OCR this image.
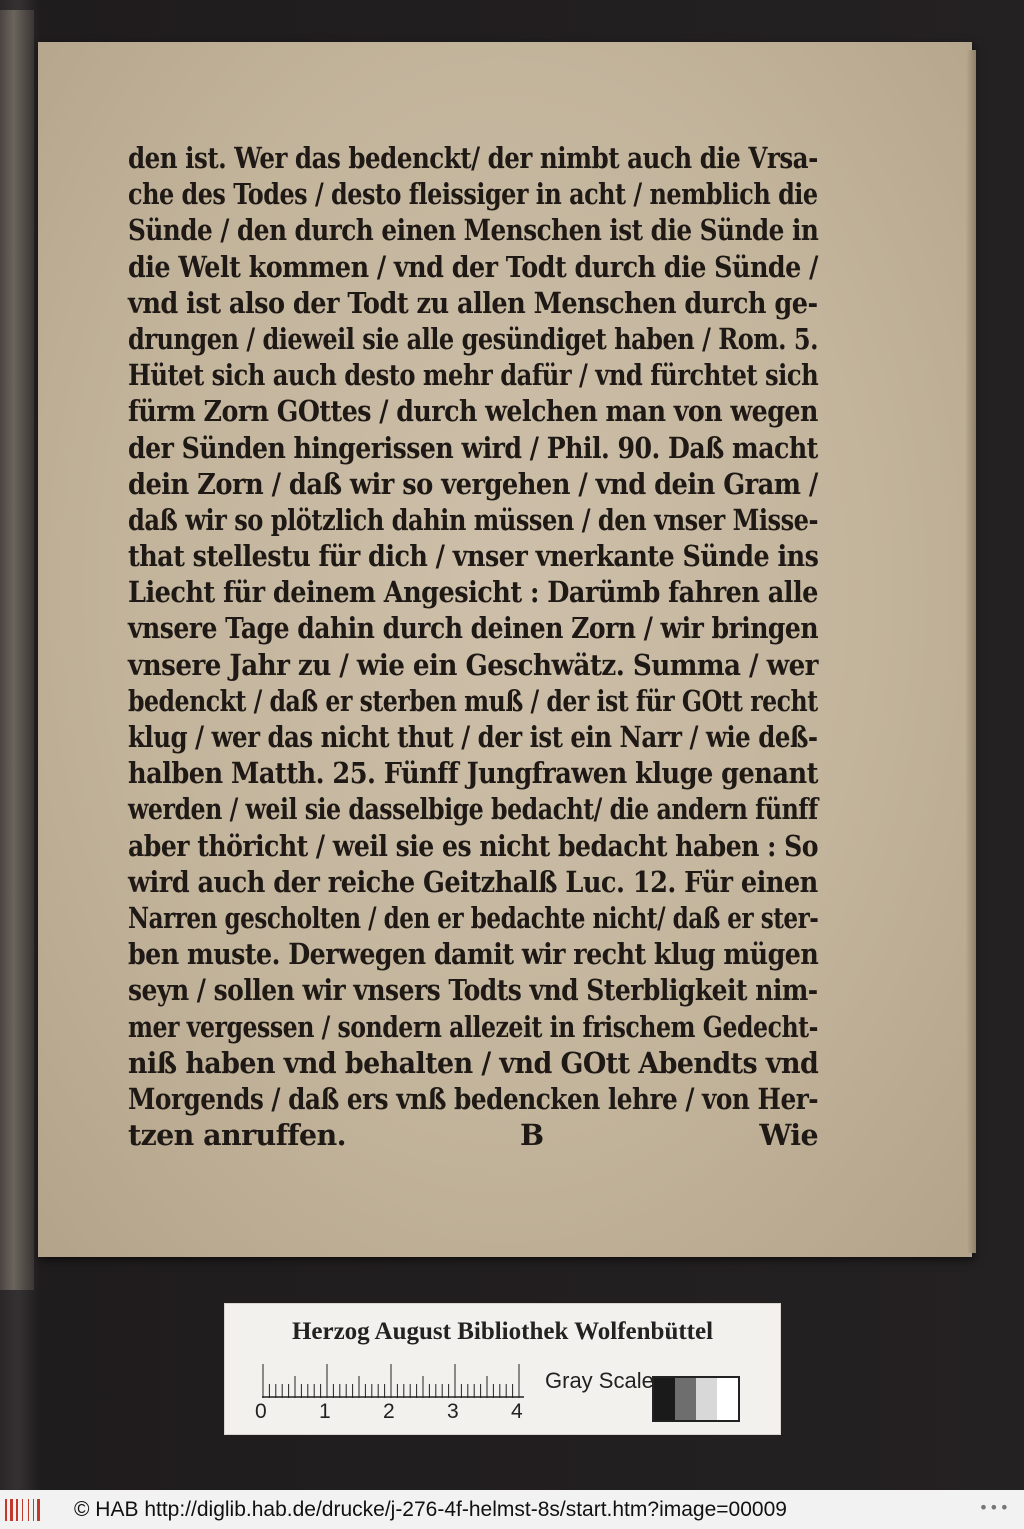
den ist. Wer das bedenckt/ der nimbt auch die Vrsa-
che des Todes / desto fleissiger in acht / nemblich die
Sünde / den durch einen Menschen ist die Sünde in
die Welt kommen / vnd der Todt durch die Sünde /
vnd ist also der Todt zu allen Menschen durch ge-
drungen / dieweil sie alle gesündiget haben / Rom. 5.
Hütet sich auch desto mehr dafür / vnd fürchtet sich
fürm Zorn GOttes / durch welchen man von wegen
der Sünden hingerissen wird / Phil. 90. Daß macht
dein Zorn / daß wir so vergehen / vnd dein Gram /
daß wir so plötzlich dahin müssen / den vnser Misse-
that stellestu für dich / vnser vnerkante Sünde ins
Liecht für deinem Angesicht : Darümb fahren alle
vnsere Tage dahin durch deinen Zorn / wir bringen
vnsere Jahr zu / wie ein Geschwätz. Summa / wer
bedenckt / daß er sterben muß / der ist für GOtt recht
klug / wer das nicht thut / der ist ein Narr / wie deß-
halben Matth. 25. Fünff Jungfrawen kluge genant
werden / weil sie dasselbige bedacht/ die andern fünff
aber thöricht / weil sie es nicht bedacht haben : So
wird auch der reiche Geitzhalß Luc. 12. Für einen
Narren gescholten / den er bedachte nicht/ daß er ster-
ben muste. Derwegen damit wir recht klug mügen
seyn / sollen wir vnsers Todts vnd Sterbligkeit nim-
mer vergessen / sondern allezeit in frischem Gedecht-
niß haben vnd behalten / vnd GOtt Abendts vnd
Morgends / daß ers vnß bedencken lehre / von Her-
tzen anruffen.	B	Wie
Herzog August Bibliothek Wolfenbüttel
0 1 2 3 4
Gray Scale
© HAB http://diglib.hab.de/drucke/j-276-4f-helmst-8s/start.htm?image=00009	•••
